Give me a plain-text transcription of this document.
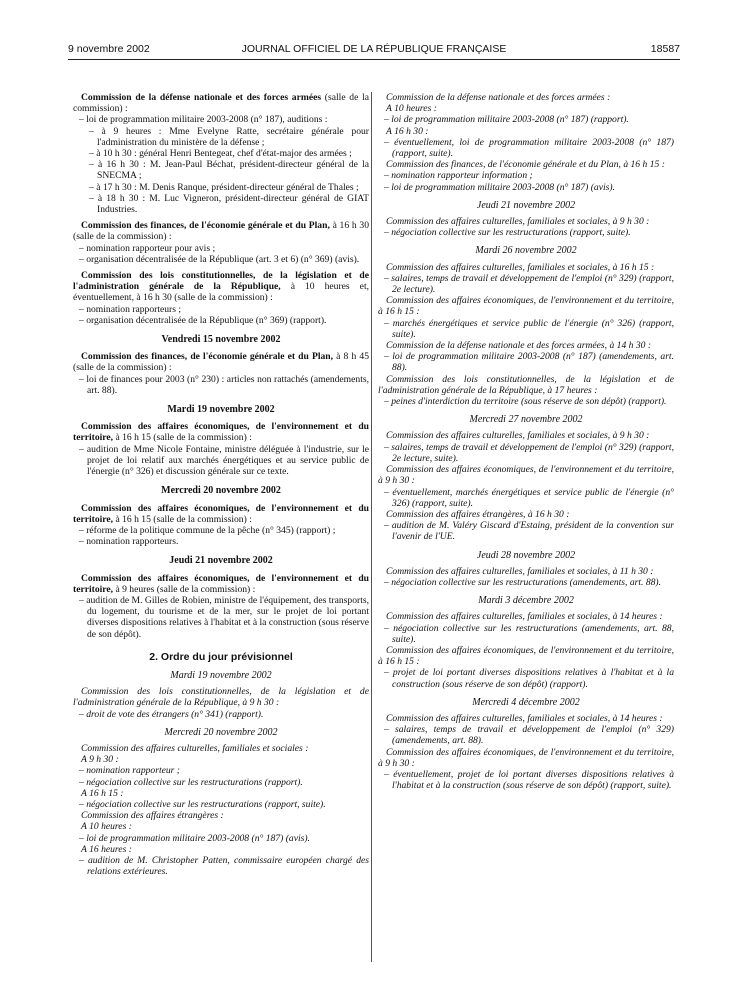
9 novembre 2002	JOURNAL OFFICIEL DE LA RÉPUBLIQUE FRANÇAISE	18587
Commission de la défense nationale et des forces armées (salle de la commission) :
– loi de programmation militaire 2003-2008 (n° 187), auditions :
– à 9 heures : Mme Evelyne Ratte, secrétaire générale pour l'administration du ministère de la défense ;
– à 10 h 30 : général Henri Bentegeat, chef d'état-major des armées ;
– à 16 h 30 : M. Jean-Paul Béchat, président-directeur général de la SNECMA ;
– à 17 h 30 : M. Denis Ranque, président-directeur général de Thales ;
– à 18 h 30 : M. Luc Vigneron, président-directeur général de GIAT Industries.
Commission des finances, de l'économie générale et du Plan, à 16 h 30 (salle de la commission) :
– nomination rapporteur pour avis ;
– organisation décentralisée de la République (art. 3 et 6) (n° 369) (avis).
Commission des lois constitutionnelles, de la législation et de l'administration générale de la République, à 10 heures et, éventuellement, à 16 h 30 (salle de la commission) :
– nomination rapporteurs ;
– organisation décentralisée de la République (n° 369) (rapport).
Vendredi 15 novembre 2002
Commission des finances, de l'économie générale et du Plan, à 8 h 45 (salle de la commission) :
– loi de finances pour 2003 (n° 230) : articles non rattachés (amendements, art. 88).
Mardi 19 novembre 2002
Commission des affaires économiques, de l'environnement et du territoire, à 16 h 15 (salle de la commission) :
– audition de Mme Nicole Fontaine, ministre déléguée à l'industrie, sur le projet de loi relatif aux marchés énergétiques et au service public de l'énergie (n° 326) et discussion générale sur ce texte.
Mercredi 20 novembre 2002
Commission des affaires économiques, de l'environnement et du territoire, à 16 h 15 (salle de la commission) :
– réforme de la politique commune de la pêche (n° 345) (rapport) ;
– nomination rapporteurs.
Jeudi 21 novembre 2002
Commission des affaires économiques, de l'environnement et du territoire, à 9 heures (salle de la commission) :
– audition de M. Gilles de Robien, ministre de l'équipement, des transports, du logement, du tourisme et de la mer, sur le projet de loi portant diverses dispositions relatives à l'habitat et à la construction (sous réserve de son dépôt).
2. Ordre du jour prévisionnel
Mardi 19 novembre 2002
Commission des lois constitutionnelles, de la législation et de l'administration générale de la République, à 9 h 30 :
– droit de vote des étrangers (n° 341) (rapport).
Mercredi 20 novembre 2002
Commission des affaires culturelles, familiales et sociales :
A 9 h 30 :
– nomination rapporteur ;
– négociation collective sur les restructurations (rapport).
A 16 h 15 :
– négociation collective sur les restructurations (rapport, suite).
Commission des affaires étrangères :
A 10 heures :
– loi de programmation militaire 2003-2008 (n° 187) (avis).
A 16 heures :
– audition de M. Christopher Patten, commissaire européen chargé des relations extérieures.
Commission de la défense nationale et des forces armées :
A 10 heures :
– loi de programmation militaire 2003-2008 (n° 187) (rapport).
A 16 h 30 :
– éventuellement, loi de programmation militaire 2003-2008 (n° 187) (rapport, suite).
Commission des finances, de l'économie générale et du Plan, à 16 h 15 :
– nomination rapporteur information ;
– loi de programmation militaire 2003-2008 (n° 187) (avis).
Jeudi 21 novembre 2002
Commission des affaires culturelles, familiales et sociales, à 9 h 30 :
– négociation collective sur les restructurations (rapport, suite).
Mardi 26 novembre 2002
Commission des affaires culturelles, familiales et sociales, à 16 h 15 :
– salaires, temps de travail et développement de l'emploi (n° 329) (rapport, 2e lecture).
Commission des affaires économiques, de l'environnement et du territoire, à 16 h 15 :
– marchés énergétiques et service public de l'énergie (n° 326) (rapport, suite).
Commission de la défense nationale et des forces armées, à 14 h 30 :
– loi de programmation militaire 2003-2008 (n° 187) (amendements, art. 88).
Commission des lois constitutionnelles, de la législation et de l'administration générale de la République, à 17 heures :
– peines d'interdiction du territoire (sous réserve de son dépôt) (rapport).
Mercredi 27 novembre 2002
Commission des affaires culturelles, familiales et sociales, à 9 h 30 :
– salaires, temps de travail et développement de l'emploi (n° 329) (rapport, 2e lecture, suite).
Commission des affaires économiques, de l'environnement et du territoire, à 9 h 30 :
– éventuellement, marchés énergétiques et service public de l'énergie (n° 326) (rapport, suite).
Commission des affaires étrangères, à 16 h 30 :
– audition de M. Valéry Giscard d'Estaing, président de la convention sur l'avenir de l'UE.
Jeudi 28 novembre 2002
Commission des affaires culturelles, familiales et sociales, à 11 h 30 :
– négociation collective sur les restructurations (amendements, art. 88).
Mardi 3 décembre 2002
Commission des affaires culturelles, familiales et sociales, à 14 heures :
– négociation collective sur les restructurations (amendements, art. 88, suite).
Commission des affaires économiques, de l'environnement et du territoire, à 16 h 15 :
– projet de loi portant diverses dispositions relatives à l'habitat et à la construction (sous réserve de son dépôt) (rapport).
Mercredi 4 décembre 2002
Commission des affaires culturelles, familiales et sociales, à 14 heures :
– salaires, temps de travail et développement de l'emploi (n° 329) (amendements, art. 88).
Commission des affaires économiques, de l'environnement et du territoire, à 9 h 30 :
– éventuellement, projet de loi portant diverses dispositions relatives à l'habitat et à la construction (sous réserve de son dépôt) (rapport, suite).
